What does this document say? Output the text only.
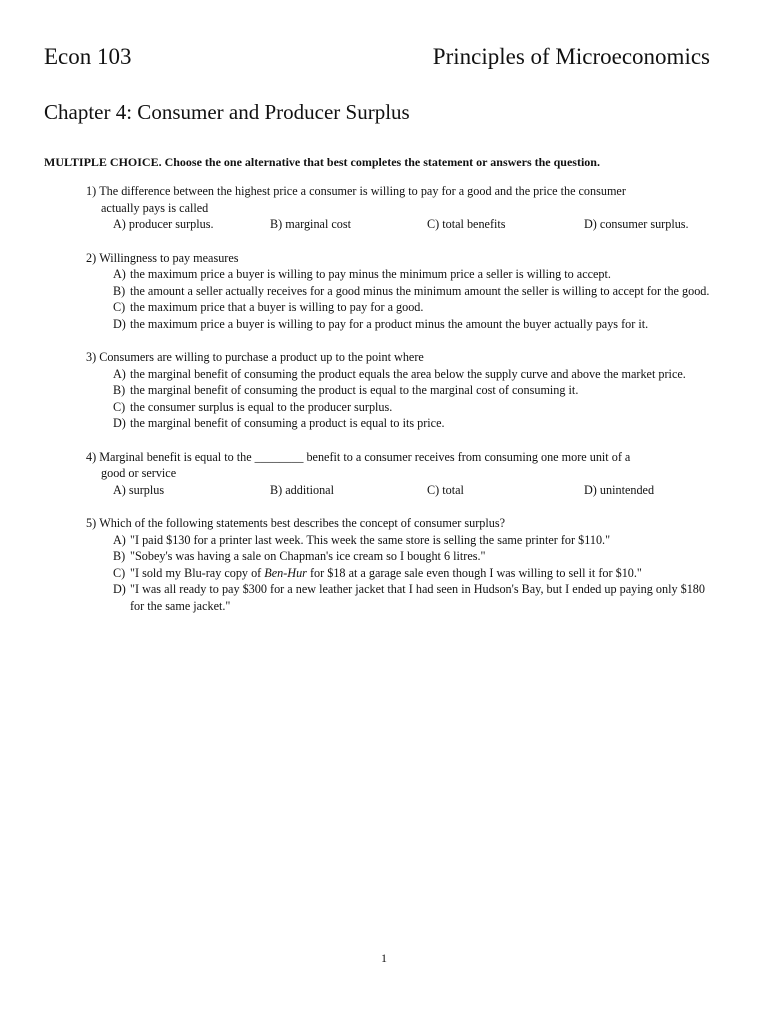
Econ 103	Principles of Microeconomics
Chapter 4: Consumer and Producer Surplus
MULTIPLE CHOICE. Choose the one alternative that best completes the statement or answers the question.
1)
The difference between the highest price a consumer is willing to pay for a good and the price the consumer
actually pays is called
A) producer surplus.	B) marginal cost	C) total benefits	D) consumer surplus.
2)
Willingness to pay measures
A) the maximum price a buyer is willing to pay minus the minimum price a seller is willing to accept.
B) the amount a seller actually receives for a good minus the minimum amount the seller is willing to accept for the good.
C) the maximum price that a buyer is willing to pay for a good.
D) the maximum price a buyer is willing to pay for a product minus the amount the buyer actually pays for it.
3)
Consumers are willing to purchase a product up to the point where
A) the marginal benefit of consuming the product equals the area below the supply curve and above the market price.
B) the marginal benefit of consuming the product is equal to the marginal cost of consuming it.
C) the consumer surplus is equal to the producer surplus.
D) the marginal benefit of consuming a product is equal to its price.
4)
Marginal benefit is equal to the ________ benefit to a consumer receives from consuming one more unit of a
good or service
A) surplus	B) additional	C) total	D) unintended
5)
Which of the following statements best describes the concept of consumer surplus?
A) "I paid $130 for a printer last week. This week the same store is selling the same printer for $110."
B) "Sobey's was having a sale on Chapman's ice cream so I bought 6 litres."
C) "I sold my Blu-ray copy of Ben-Hur for $18 at a garage sale even though I was willing to sell it for $10."
D) "I was all ready to pay $300 for a new leather jacket that I had seen in Hudson's Bay, but I ended up paying only $180 for the same jacket."
1
